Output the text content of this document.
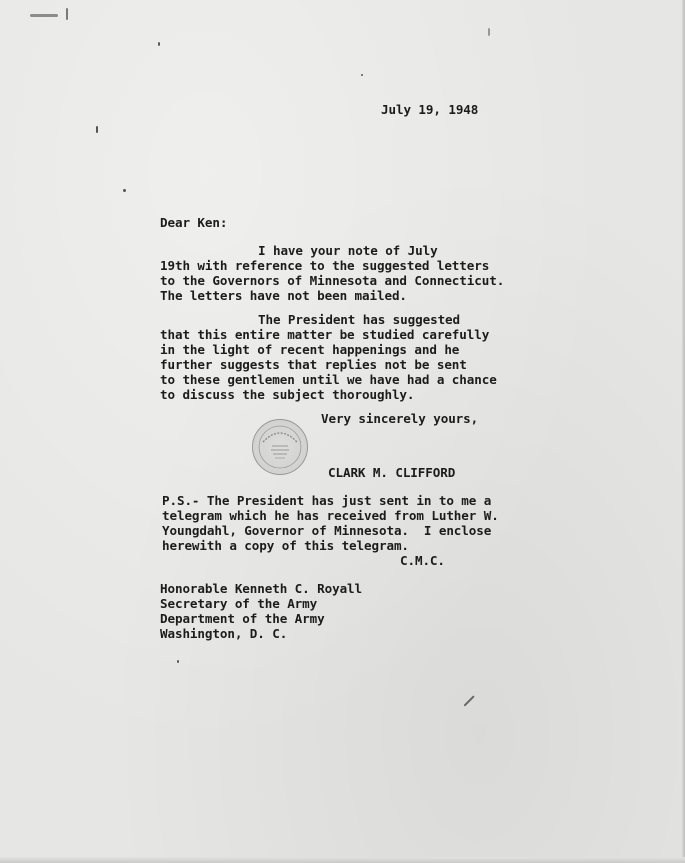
July 19, 1948
Dear Ken:
I have your note of July
19th with reference to the suggested letters
to the Governors of Minnesota and Connecticut.
The letters have not been mailed.
The President has suggested
that this entire matter be studied carefully
in the light of recent happenings and he
further suggests that replies not be sent
to these gentlemen until we have had a chance
to discuss the subject thoroughly.
Very sincerely yours,
CLARK M. CLIFFORD
P.S.- The President has just sent in to me a
telegram which he has received from Luther W.
Youngdahl, Governor of Minnesota.  I enclose
herewith a copy of this telegram.
C.M.C.
Honorable Kenneth C. Royall
Secretary of the Army
Department of the Army
Washington, D. C.
